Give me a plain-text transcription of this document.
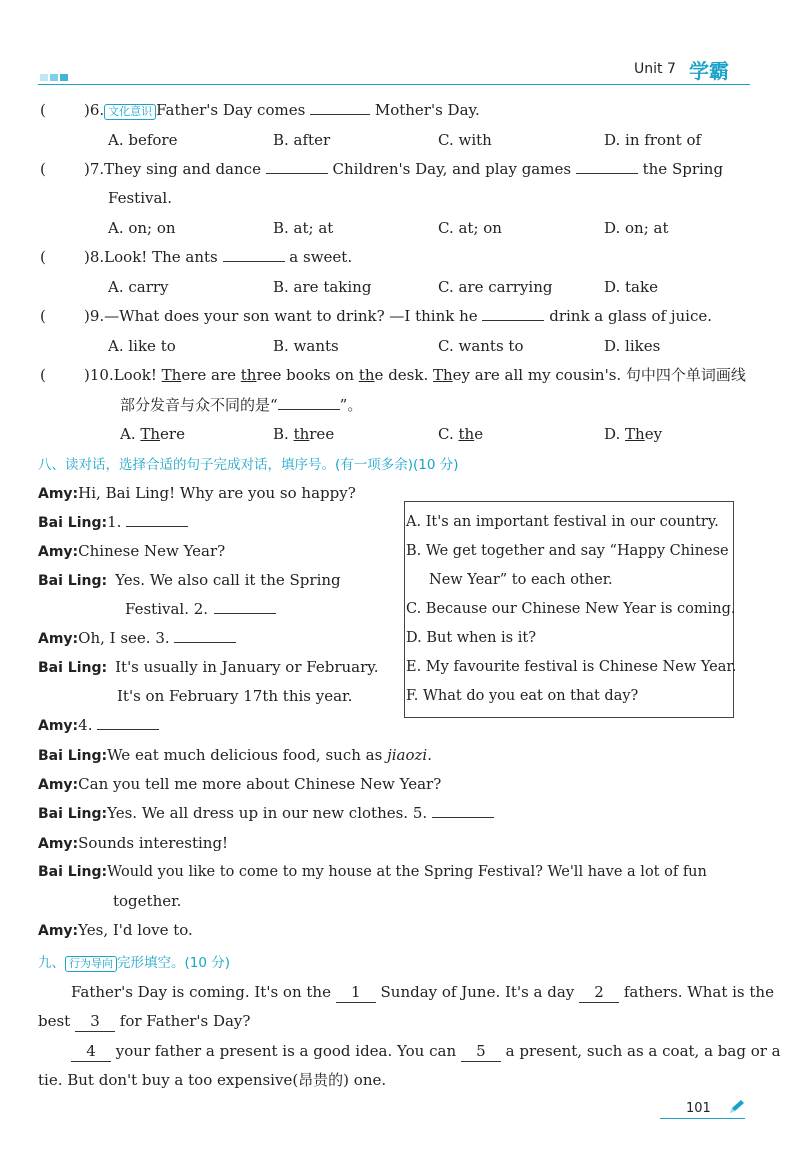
Unit 7 学霸
(	)6. 文化意识 Father's Day comes	Mother's Day.
A. before	B. after	C. with	D. in front of
(	)7.They sing and dance	Children's Day, and play games	the Spring
Festival.
A. on; on	B. at; at	C. at; on	D. on; at
(	)8.Look! The ants	a sweet.
A. carry	B. are taking	C. are carrying	D. take
(	)9.—What does your son want to drink? —I think he	drink a glass of juice.
A. like to	B. wants	C. wants to	D. likes
(	)10.Look! There are three books on the desk. They are all my cousin's. 句中四个单词画线
部分发音与众不同的是“	”。
A. There	B. three	C. the	D. They
八、读对话，选择合适的句子完成对话，填序号。(有一项多余)(10 分)
Amy:Hi, Bai Ling! Why are you so happy?
Bai Ling:1.
Amy:Chinese New Year?
Bai Ling: Yes. We also call it the Spring
Festival. 2.
Amy:Oh, I see. 3.
Bai Ling: It's usually in January or February.
It's on February 17th this year.
Amy:4.
Bai Ling:We eat much delicious food, such as jiaozi.
Amy:Can you tell me more about Chinese New Year?
Bai Ling:Yes. We all dress up in our new clothes. 5.
Amy:Sounds interesting!
Bai Ling:Would you like to come to my house at the Spring Festival? We'll have a lot of fun
together.
Amy:Yes, I'd love to.
A. It's an important festival in our country.
B. We get together and say “Happy Chinese
New Year” to each other.
C. Because our Chinese New Year is coming.
D. But when is it?
E. My favourite festival is Chinese New Year.
F. What do you eat on that day?
九、 行为导向 完形填空。(10 分)
Father's Day is coming. It's on the 1 Sunday of June. It's a day 2 fathers. What is the
best 3 for Father's Day?
4 your father a present is a good idea. You can 5 a present, such as a coat, a bag or a
tie. But don't buy a too expensive(昂贵的) one.
101
